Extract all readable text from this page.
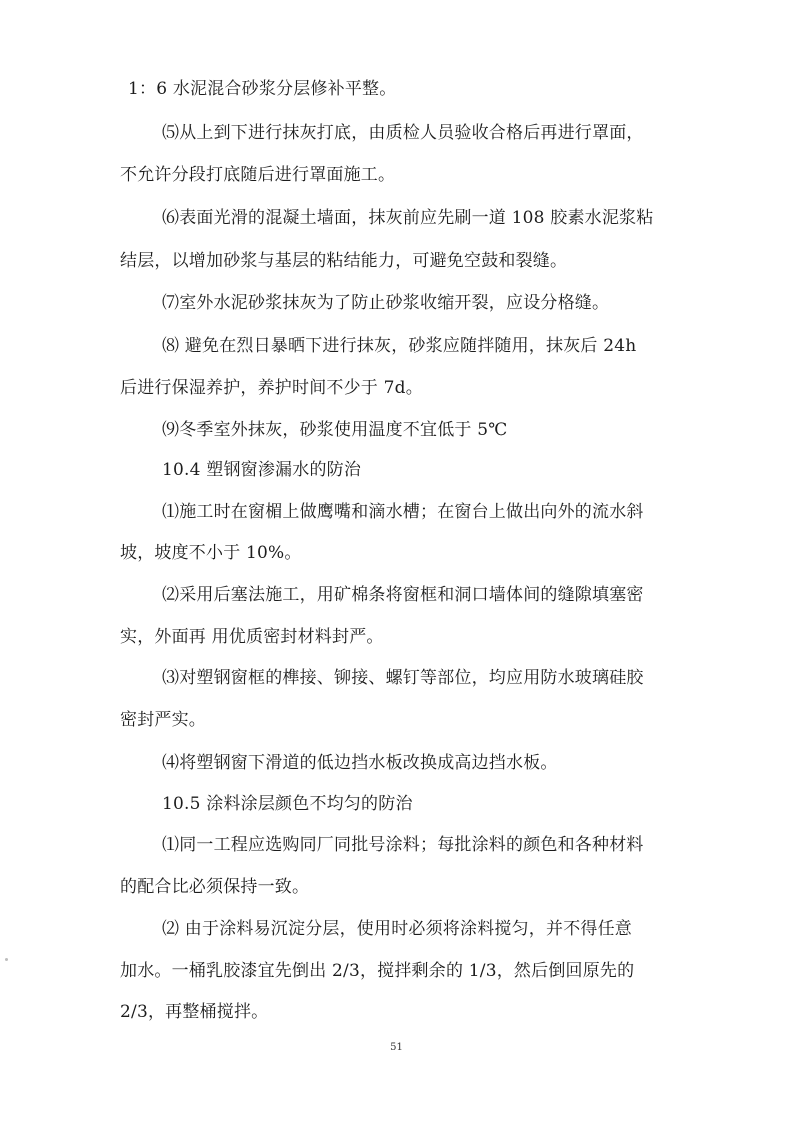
1：6 水泥混合砂浆分层修补平整。
⑸从上到下进行抹灰打底，由质检人员验收合格后再进行罩面，
不允许分段打底随后进行罩面施工。
⑹表面光滑的混凝土墙面，抹灰前应先刷一道 108 胶素水泥浆粘
结层，以增加砂浆与基层的粘结能力，可避免空鼓和裂缝。
⑺室外水泥砂浆抹灰为了防止砂浆收缩开裂，应设分格缝。
⑻ 避免在烈日暴晒下进行抹灰，砂浆应随拌随用，抹灰后 24h
后进行保湿养护，养护时间不少于 7d。
⑼冬季室外抹灰，砂浆使用温度不宜低于 5℃
10.4 塑钢窗渗漏水的防治
⑴施工时在窗楣上做鹰嘴和滴水槽；在窗台上做出向外的流水斜
坡，坡度不小于 10%。
⑵采用后塞法施工，用矿棉条将窗框和洞口墙体间的缝隙填塞密
实，外面再 用优质密封材料封严。
⑶对塑钢窗框的榫接、铆接、螺钉等部位，均应用防水玻璃硅胶
密封严实。
⑷将塑钢窗下滑道的低边挡水板改换成高边挡水板。
10.5 涂料涂层颜色不均匀的防治
⑴同一工程应选购同厂同批号涂料；每批涂料的颜色和各种材料
的配合比必须保持一致。
⑵ 由于涂料易沉淀分层，使用时必须将涂料搅匀，并不得任意
加水。一桶乳胶漆宜先倒出 2/3，搅拌剩余的 1/3，然后倒回原先的
2/3，再整桶搅拌。
51
